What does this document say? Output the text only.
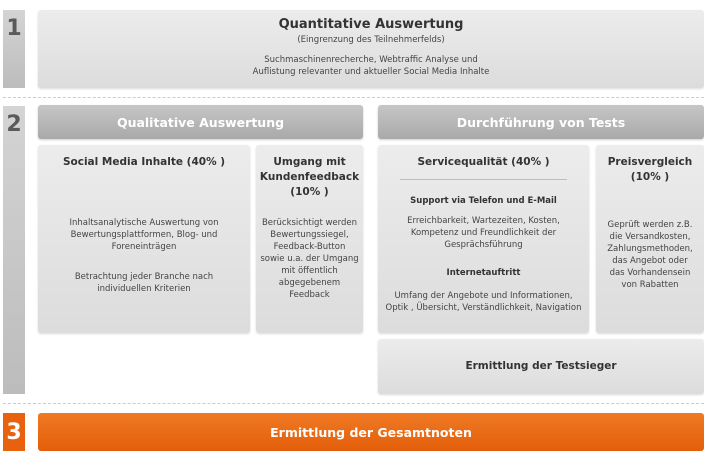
1
2
3
Quantitative Auswertung
(Eingrenzung des Teilnehmerfelds)
Suchmaschinenrecherche, Webtraffic Analyse und
Auflistung relevanter und aktueller Social Media Inhalte
Qualitative Auswertung
Social Media Inhalte (40% )
Inhaltsanalytische Auswertung von
Bewertungsplattformen, Blog- und
Foreneinträgen
Betrachtung jeder Branche nach
individuellen Kriterien
Umgang mit
Kundenfeedback
(10% )
Berücksichtigt werden
Bewertungssiegel,
Feedback-Button
sowie u.a. der Umgang
mit öffentlich
abgegebenem
Feedback
Durchführung von Tests
Servicequalität (40% )
Support via Telefon und E-Mail
Erreichbarkeit, Wartezeiten, Kosten,
Kompetenz und Freundlichkeit der
Gesprächsführung
Internetauftritt
Umfang der Angebote und Informationen,
Optik , Übersicht, Verständlichkeit, Navigation
Preisvergleich
(10% )
Geprüft werden z.B.
die Versandkosten,
Zahlungsmethoden,
das Angebot oder
das Vorhandensein
von Rabatten
Ermittlung der Testsieger
Ermittlung der Gesamtnoten
